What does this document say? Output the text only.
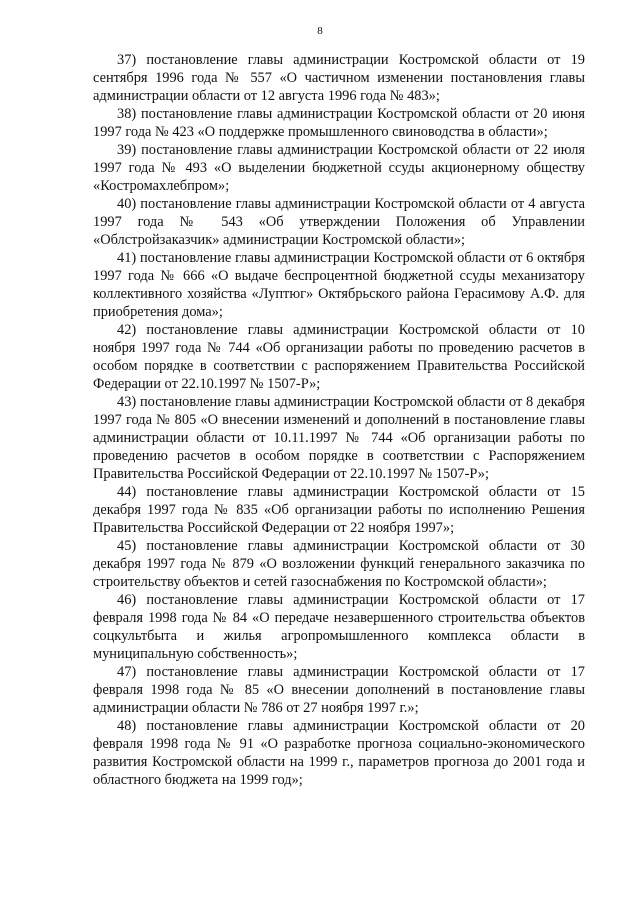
8

37) постановление главы администрации Костромской области от 19 сентября 1996 года № 557 «О частичном изменении постановления главы администрации области от 12 августа 1996 года № 483»;

38) постановление главы администрации Костромской области от 20 июня 1997 года № 423 «О поддержке промышленного свиноводства в области»;

39) постановление главы администрации Костромской области от 22 июля 1997 года № 493 «О выделении бюджетной ссуды акционерному обществу «Костромахлебпром»;

40) постановление главы администрации Костромской области от 4 августа 1997 года № 543 «Об утверждении Положения об Управлении «Облстройзаказчик» администрации Костромской области»;

41) постановление главы администрации Костромской области от 6 октября 1997 года № 666 «О выдаче беспроцентной бюджетной ссуды механизатору коллективного хозяйства «Луптюг» Октябрьского района Герасимову А.Ф. для приобретения дома»;

42) постановление главы администрации Костромской области от 10 ноября 1997 года № 744 «Об организации работы по проведению расчетов в особом порядке в соответствии с распоряжением Правительства Российской Федерации от 22.10.1997 № 1507-Р»;

43) постановление главы администрации Костромской области от 8 декабря 1997 года № 805 «О внесении изменений и дополнений в постановление главы администрации области от 10.11.1997 № 744 «Об организации работы по проведению расчетов в особом порядке в соответствии с Распоряжением Правительства Российской Федерации от 22.10.1997 № 1507-Р»;

44) постановление главы администрации Костромской области от 15 декабря 1997 года № 835 «Об организации работы по исполнению Решения Правительства Российской Федерации от 22 ноября 1997»;

45) постановление главы администрации Костромской области от 30 декабря 1997 года № 879 «О возложении функций генерального заказчика по строительству объектов и сетей газоснабжения по Костромской области»;

46) постановление главы администрации Костромской области от 17 февраля 1998 года № 84 «О передаче незавершенного строительства объектов соцкультбыта и жилья агропромышленного комплекса области в муниципальную собственность»;

47) постановление главы администрации Костромской области от 17 февраля 1998 года № 85 «О внесении дополнений в постановление главы администрации области № 786 от 27 ноября 1997 г.»;

48) постановление главы администрации Костромской области от 20 февраля 1998 года № 91 «О разработке прогноза социально-экономического развития Костромской области на 1999 г., параметров прогноза до 2001 года и областного бюджета на 1999 год»;
